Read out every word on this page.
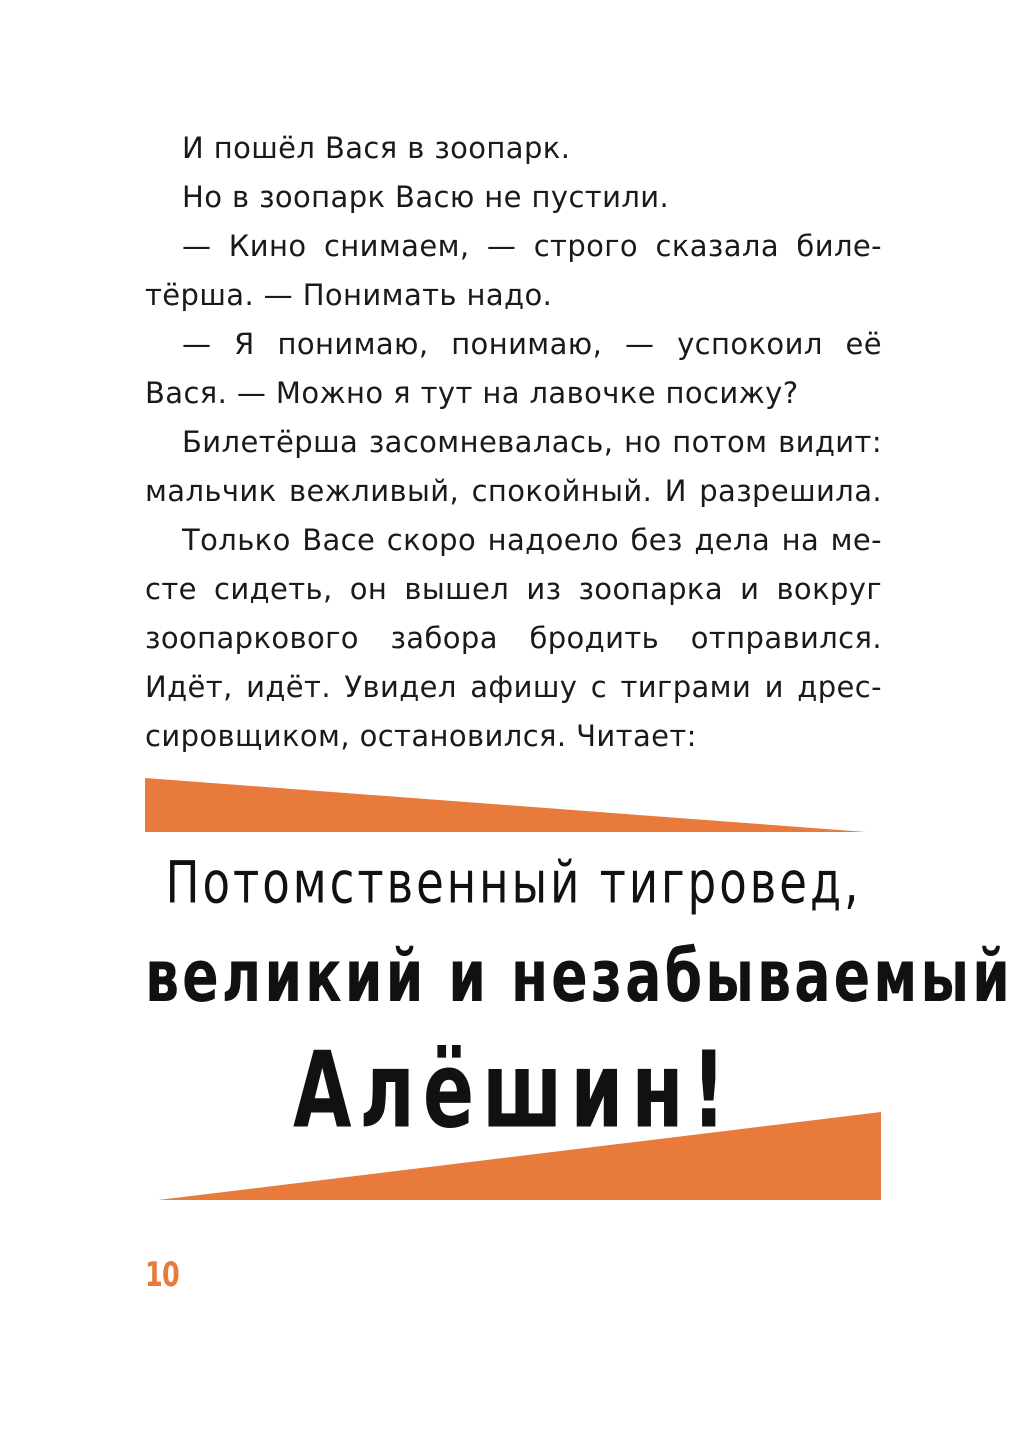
И пошёл Вася в зоопарк.
Но в зоопарк Васю не пустили.
— Кино снимаем, — строго сказала биле-
тёрша. — Понимать надо.
— Я понимаю, понимаю, — успокоил её
Вася. — Можно я тут на лавочке посижу?
Билетёрша засомневалась, но потом видит:
мальчик вежливый, спокойный. И разрешила.
Только Васе скоро надоело без дела на ме-
сте сидеть, он вышел из зоопарка и вокруг
зоопаркового забора бродить отправился.
Идёт, идёт. Увидел афишу с тиграми и дрес-
сировщиком, остановился. Читает:
Потомственный тигровед,
великий и незабываемый
Алёшин!
10
